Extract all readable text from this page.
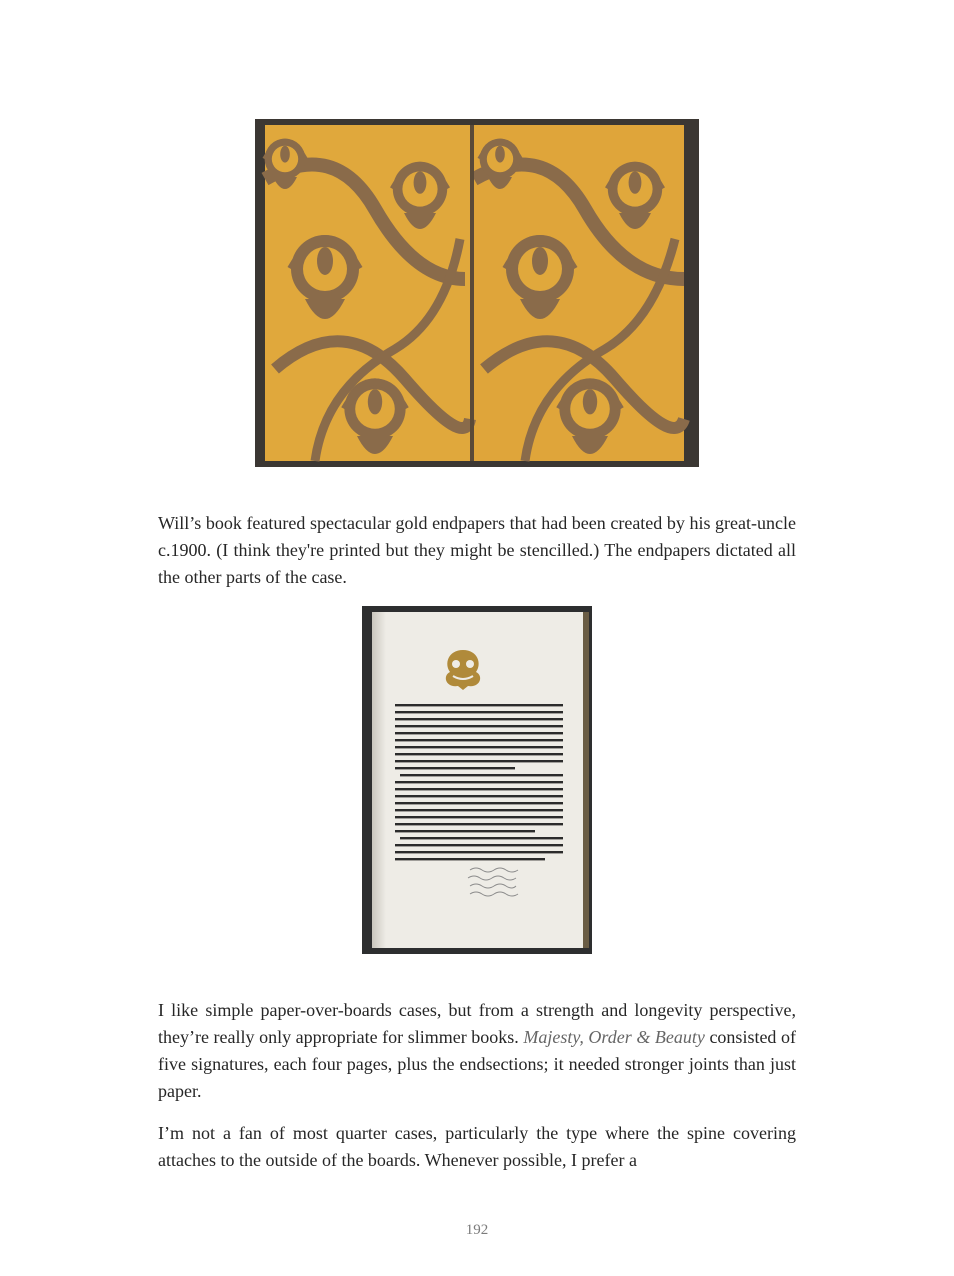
Will’s book featured spectacular gold endpapers that had been created by his great-uncle c.1900. (I think they're printed but they might be stencilled.) The endpapers dictated all the other parts of the case.

I like simple paper-over-boards cases, but from a strength and longevity perspective, they’re really only appropriate for slimmer books. Majesty, Order & Beauty consisted of five signatures, each four pages, plus the endsections; it needed stronger joints than just paper.

I’m not a fan of most quarter cases, particularly the type where the spine covering attaches to the outside of the boards. Whenever possible, I prefer a

192
